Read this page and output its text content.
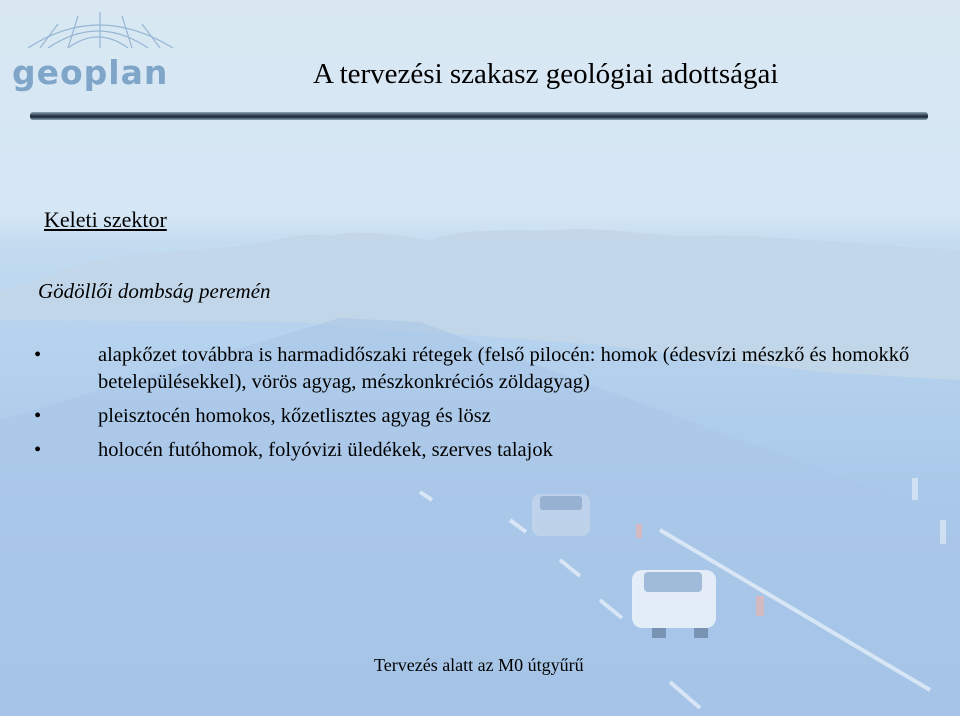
geoplan	A tervezési szakasz geológiai adottságai
Keleti szektor
Gödöllői dombság peremén
•	alapkőzet továbbra is harmadidőszaki rétegek (felső pilocén: homok (édesvízi mészkő és homokkő betelepülésekkel), vörös agyag, mészkonkréciós zöldagyag)
•	pleisztocén homokos, kőzetlisztes agyag és lösz
•	holocén futóhomok, folyóvizi üledékek, szerves talajok
Tervezés alatt az M0 útgyűrű
